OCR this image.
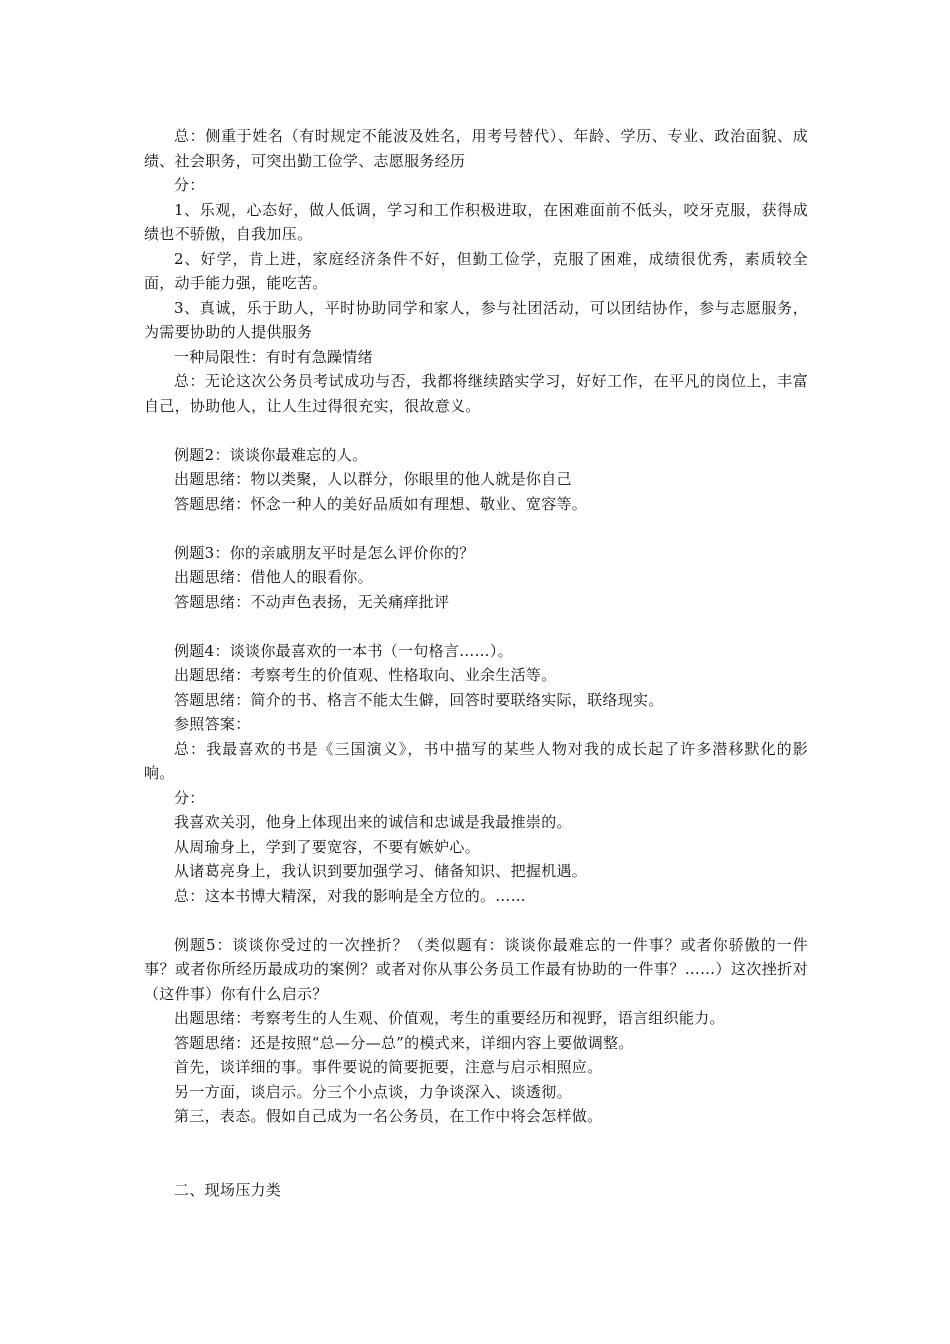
总：侧重于姓名（有时规定不能波及姓名，用考号替代）、年龄、学历、专业、政治面貌、成绩、社会职务，可突出勤工俭学、志愿服务经历

分：

1、乐观，心态好，做人低调，学习和工作积极进取，在困难面前不低头，咬牙克服，获得成绩也不骄傲，自我加压。

2、好学，肯上进，家庭经济条件不好，但勤工俭学，克服了困难，成绩很优秀，素质较全面，动手能力强，能吃苦。

3、真诚，乐于助人，平时协助同学和家人，参与社团活动，可以团结协作，参与志愿服务，为需要协助的人提供服务

一种局限性：有时有急躁情绪

总：无论这次公务员考试成功与否，我都将继续踏实学习，好好工作，在平凡的岗位上，丰富自己，协助他人，让人生过得很充实，很故意义。

例题2：谈谈你最难忘的人。

出题思绪：物以类聚，人以群分，你眼里的他人就是你自己

答题思绪：怀念一种人的美好品质如有理想、敬业、宽容等。

例题3：你的亲戚朋友平时是怎么评价你的？

出题思绪：借他人的眼看你。

答题思绪：不动声色表扬，无关痛痒批评

例题4：谈谈你最喜欢的一本书（一句格言……）。

出题思绪：考察考生的价值观、性格取向、业余生活等。

答题思绪：简介的书、格言不能太生僻，回答时要联络实际，联络现实。

参照答案：

总：我最喜欢的书是《三国演义》，书中描写的某些人物对我的成长起了许多潜移默化的影响。

分：

我喜欢关羽，他身上体现出来的诚信和忠诚是我最推崇的。

从周瑜身上，学到了要宽容，不要有嫉妒心。

从诸葛亮身上，我认识到要加强学习、储备知识、把握机遇。

总：这本书博大精深，对我的影响是全方位的。……

例题5：谈谈你受过的一次挫折？（类似题有：谈谈你最难忘的一件事？或者你骄傲的一件事？或者你所经历最成功的案例？或者对你从事公务员工作最有协助的一件事？……）这次挫折对（这件事）你有什么启示？

出题思绪：考察考生的人生观、价值观，考生的重要经历和视野，语言组织能力。

答题思绪：还是按照“总—分—总”的模式来，详细内容上要做调整。

首先，谈详细的事。事件要说的简要扼要，注意与启示相照应。

另一方面，谈启示。分三个小点谈，力争谈深入、谈透彻。

第三，表态。假如自己成为一名公务员，在工作中将会怎样做。

二、现场压力类
